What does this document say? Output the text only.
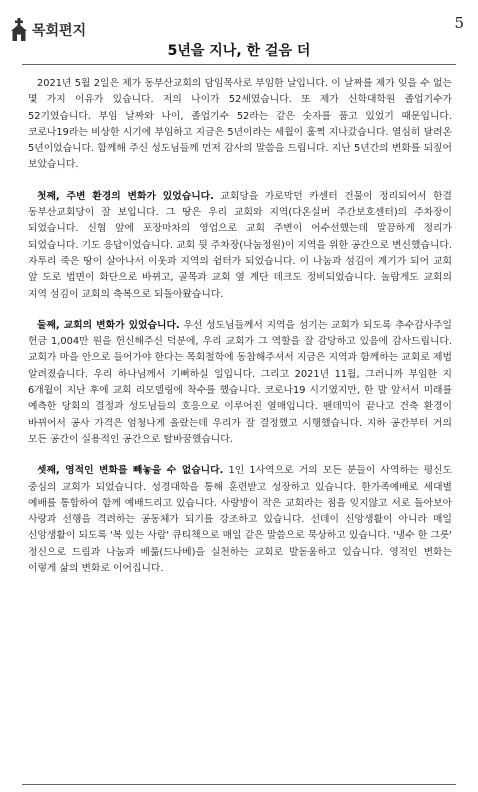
목회편지	5
5년을 지나, 한 걸음 더

2021년 5월 2일은 제가 동부산교회의 담임목사로 부임한 날입니다. 이 날짜를 제가 잊을 수 없는 몇 가지 이유가 있습니다. 저의 나이가 52세였습니다. 또 제가 신학대학원 졸업기수가 52기였습니다. 부임 날짜와 나이, 졸업기수 52라는 같은 숫자를 품고 있었기 때문입니다. 코로나19라는 비상한 시기에 부임하고 지금은 5년이라는 세월이 훌쩍 지나갔습니다. 열심히 달려온 5년이었습니다. 함께해 주신 성도님들께 먼저 감사의 말씀을 드립니다. 지난 5년간의 변화를 되짚어 보았습니다.

첫째, 주변 환경의 변화가 있었습니다. 교회당을 가로막던 카센터 건물이 정리되어서 한결 동부산교회당이 잘 보입니다. 그 땅은 우리 교회와 지역(다온실버 주간보호센터)의 주차장이 되었습니다. 신협 앞에 포장마차의 영업으로 교회 주변이 어수선했는데 말끔하게 정리가 되었습니다. 기도 응답이었습니다. 교회 뒷 주차장(나눔정원)이 지역을 위한 공간으로 변신했습니다. 자투리 죽은 땅이 살아나서 이웃과 지역의 쉼터가 되었습니다. 이 나눔과 섬김이 계기가 되어 교회 앞 도로 법면이 화단으로 바뀌고, 골목과 교회 옆 계단 데크도 정비되었습니다. 놀랍게도 교회의 지역 섬김이 교회의 축복으로 되돌아왔습니다.

둘째, 교회의 변화가 있었습니다. 우선 성도님들께서 지역을 섬기는 교회가 되도록 추수감사주일 헌금 1,004만 원을 헌신해주신 덕분에, 우리 교회가 그 역할을 잘 감당하고 있음에 감사드립니다. 교회가 마을 안으로 들어가야 한다는 목회철학에 동참해주셔서 지금은 지역과 함께하는 교회로 제법 알려졌습니다. 우리 하나님께서 기뻐하실 일입니다. 그리고 2021년 11월, 그러니까 부임한 지 6개월이 지난 후에 교회 리모델링에 착수를 했습니다. 코로나19 시기였지만, 한 발 앞서서 미래를 예측한 당회의 결정과 성도님들의 호응으로 이루어진 열매입니다. 팬데믹이 끝나고 건축 환경이 바뀌어서 공사 가격은 엄청나게 올랐는데 우리가 잘 결정했고 시행했습니다. 지하 공간부터 거의 모든 공간이 실용적인 공간으로 탈바꿈했습니다.

셋째, 영적인 변화를 빼놓을 수 없습니다. 1인 1사역으로 거의 모든 분들이 사역하는 평신도 중심의 교회가 되었습니다. 성경대학을 통해 훈련받고 성장하고 있습니다. 한가족예배로 세대별 예배를 통합하여 함께 예배드리고 있습니다. 사랑방이 작은 교회라는 점을 잊지않고 서로 돌아보아 사랑과 선행을 격려하는 공동체가 되기를 강조하고 있습니다. 선데이 신앙생활이 아니라 매일 신앙생활이 되도록 '복 있는 사람' 큐티책으로 매일 같은 말씀으로 묵상하고 있습니다. '냉수 한 그릇' 정신으로 드림과 나눔과 베풂(드나베)을 실천하는 교회로 발돋움하고 있습니다. 영적인 변화는 이렇게 삶의 변화로 이어집니다.
